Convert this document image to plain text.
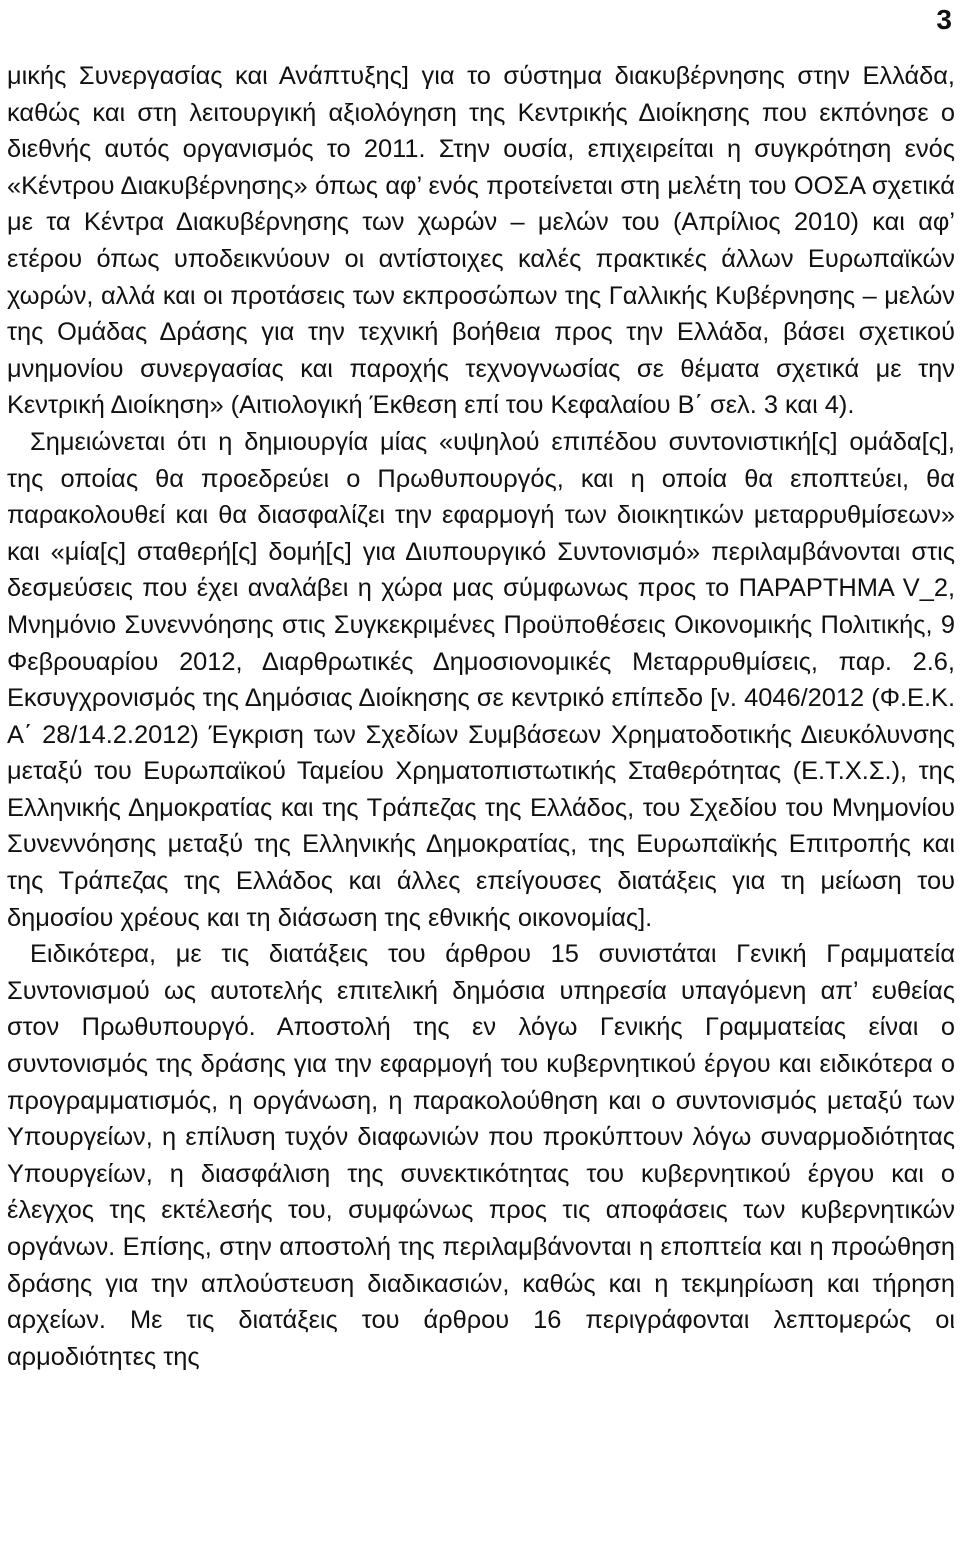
3

μικής Συνεργασίας και Ανάπτυξης] για το σύστημα διακυβέρνησης στην Ελλάδα, καθώς και στη λειτουργική αξιολόγηση της Κεντρικής Διοίκησης που εκπόνησε ο διεθνής αυτός οργανισμός το 2011. Στην ουσία, επιχειρείται η συγκρότηση ενός «Κέντρου Διακυβέρνησης» όπως αφ’ ενός προτείνεται στη μελέτη του ΟΟΣΑ σχετικά με τα Κέντρα Διακυβέρνησης των χωρών – μελών του (Απρίλιος 2010) και αφ’ ετέρου όπως υποδεικνύουν οι αντίστοιχες καλές πρακτικές άλλων Ευρωπαϊκών χωρών, αλλά και οι προτάσεις των εκπροσώπων της Γαλλικής Κυβέρνησης – μελών της Ομάδας Δράσης για την τεχνική βοήθεια προς την Ελλάδα, βάσει σχετικού μνημονίου συνεργασίας και παροχής τεχνογνωσίας σε θέματα σχετικά με την Κεντρική Διοίκηση» (Αιτιολογική Έκθεση επί του Κεφαλαίου Β΄ σελ. 3 και 4).

Σημειώνεται ότι η δημιουργία μίας «υψηλού επιπέδου συντονιστική[ς] ομάδα[ς], της οποίας θα προεδρεύει ο Πρωθυπουργός, και η οποία θα εποπτεύει, θα παρακολουθεί και θα διασφαλίζει την εφαρμογή των διοικητικών μεταρρυθμίσεων» και «μία[ς] σταθερή[ς] δομή[ς] για Διυπουργικό Συντονισμό» περιλαμβάνονται στις δεσμεύσεις που έχει αναλάβει η χώρα μας σύμφωνως προς το ΠΑΡΑΡΤΗΜΑ V_2, Μνημόνιο Συνεννόησης στις Συγκεκριμένες Προϋποθέσεις Οικονομικής Πολιτικής, 9 Φεβρουαρίου 2012, Διαρθρωτικές Δημοσιονομικές Μεταρρυθμίσεις, παρ. 2.6, Εκσυγχρονισμός της Δημόσιας Διοίκησης σε κεντρικό επίπεδο [ν. 4046/2012 (Φ.Ε.Κ. Α΄ 28/14.2.2012) Έγκριση των Σχεδίων Συμβάσεων Χρηματοδοτικής Διευκόλυνσης μεταξύ του Ευρωπαϊκού Ταμείου Χρηματοπιστωτικής Σταθερότητας (Ε.Τ.Χ.Σ.), της Ελληνικής Δημοκρατίας και της Τράπεζας της Ελλάδος, του Σχεδίου του Μνημονίου Συνεννόησης μεταξύ της Ελληνικής Δημοκρατίας, της Ευρωπαϊκής Επιτροπής και της Τράπεζας της Ελλάδος και άλλες επείγουσες διατάξεις για τη μείωση του δημοσίου χρέους και τη διάσωση της εθνικής οικονομίας].

Ειδικότερα, με τις διατάξεις του άρθρου 15 συνιστάται Γενική Γραμματεία Συντονισμού ως αυτοτελής επιτελική δημόσια υπηρεσία υπαγόμενη απ’ ευθείας στον Πρωθυπουργό. Αποστολή της εν λόγω Γενικής Γραμματείας είναι ο συντονισμός της δράσης για την εφαρμογή του κυβερνητικού έργου και ειδικότερα ο προγραμματισμός, η οργάνωση, η παρακολούθηση και ο συντονισμός μεταξύ των Υπουργείων, η επίλυση τυχόν διαφωνιών που προκύπτουν λόγω συναρμοδιότητας Υπουργείων, η διασφάλιση της συνεκτικότητας του κυβερνητικού έργου και ο έλεγχος της εκτέλεσής του, συμφώνως προς τις αποφάσεις των κυβερνητικών οργάνων. Επίσης, στην αποστολή της περιλαμβάνονται η εποπτεία και η προώθηση δράσης για την απλούστευση διαδικασιών, καθώς και η τεκμηρίωση και τήρηση αρχείων. Με τις διατάξεις του άρθρου 16 περιγράφονται λεπτομερώς οι αρμοδιότητες της
